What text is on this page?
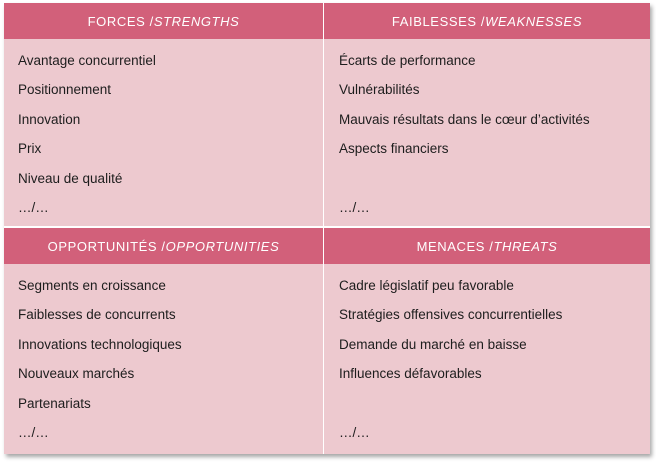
FORCES / STRENGTHS
Avantage concurrentiel
Positionnement
Innovation
Prix
Niveau de qualité
…/…
FAIBLESSES / WEAKNESSES
Écarts de performance
Vulnérabilités
Mauvais résultats dans le cœur d’activités
Aspects financiers
…/…
OPPORTUNITÉS / OPPORTUNITIES
Segments en croissance
Faiblesses de concurrents
Innovations technologiques
Nouveaux marchés
Partenariats
…/…
MENACES / THREATS
Cadre législatif peu favorable
Stratégies offensives concurrentielles
Demande du marché en baisse
Influences défavorables
…/…
